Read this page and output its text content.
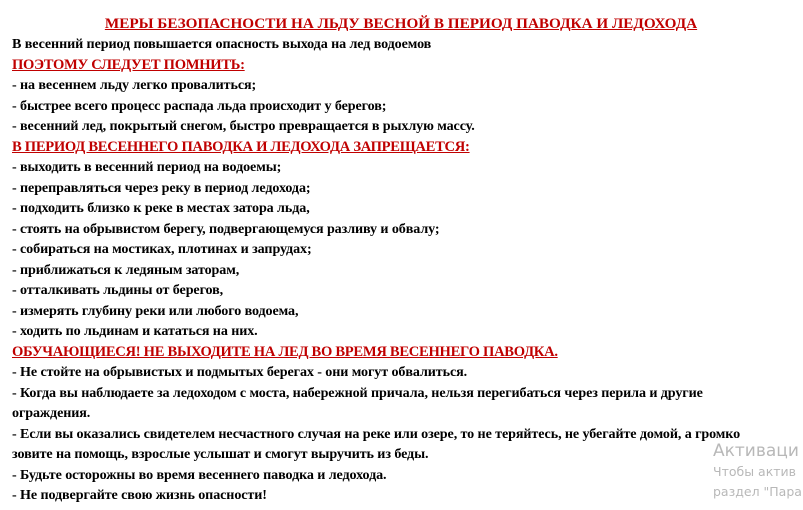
МЕРЫ БЕЗОПАСНОСТИ НА ЛЬДУ ВЕСНОЙ В ПЕРИОД ПАВОДКА И ЛЕДОХОДА
В весенний период повышается опасность выхода на лед водоемов
ПОЭТОМУ СЛЕДУЕТ ПОМНИТЬ:
- на весеннем льду легко провалиться;
- быстрее всего процесс распада льда происходит у берегов;
- весенний лед, покрытый снегом, быстро превращается в рыхлую массу.
В ПЕРИОД ВЕСЕННЕГО ПАВОДКА И ЛЕДОХОДА ЗАПРЕЩАЕТСЯ:
- выходить в весенний период на водоемы;
- переправляться через реку в период ледохода;
- подходить близко к реке в местах затора льда,
- стоять на обрывистом берегу, подвергающемуся разливу и обвалу;
- собираться на мостиках, плотинах и запрудах;
- приближаться к ледяным заторам,
- отталкивать льдины от берегов,
- измерять глубину реки или любого водоема,
- ходить по льдинам и кататься на них.
ОБУЧАЮЩИЕСЯ! НЕ ВЫХОДИТЕ НА ЛЕД ВО ВРЕМЯ ВЕСЕННЕГО ПАВОДКА.
- Не стойте на обрывистых и подмытых берегах - они могут обвалиться.
- Когда вы наблюдаете за ледоходом с моста, набережной причала, нельзя перегибаться через перила и другие ограждения.
- Если вы оказались свидетелем несчастного случая на реке или озере, то не теряйтесь, не убегайте домой, а громко зовите на помощь, взрослые услышат и смогут выручить из беды.
- Будьте осторожны во время весеннего паводка и ледохода.
- Не подвергайте свою жизнь опасности!
Активаци
Чтобы актив
раздел "Пара
